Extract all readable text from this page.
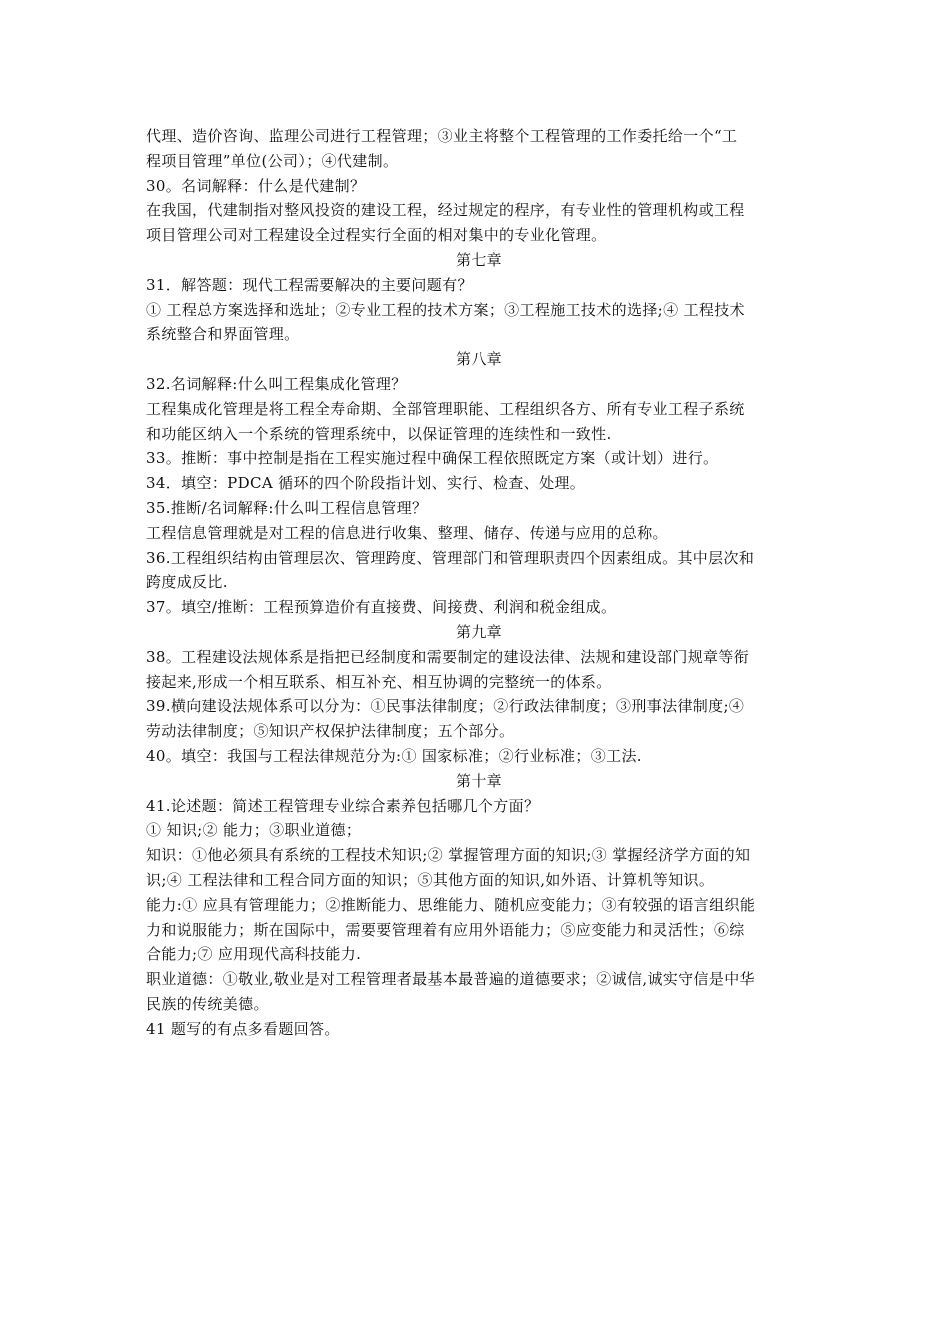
代理、造价咨询、监理公司进行工程管理；③业主将整个工程管理的工作委托给一个“工
程项目管理”单位(公司）；④代建制。
30。名词解释：什么是代建制？
在我国，代建制指对整风投资的建设工程，经过规定的程序，有专业性的管理机构或工程
项目管理公司对工程建设全过程实行全面的相对集中的专业化管理。
第七章
31．解答题：现代工程需要解决的主要问题有？
① 工程总方案选择和选址；②专业工程的技术方案；③工程施工技术的选择;④ 工程技术
系统整合和界面管理。
第八章
32.名词解释:什么叫工程集成化管理？
工程集成化管理是将工程全寿命期、全部管理职能、工程组织各方、所有专业工程子系统
和功能区纳入一个系统的管理系统中，以保证管理的连续性和一致性.
33。推断：事中控制是指在工程实施过程中确保工程依照既定方案（或计划）进行。
34．填空：PDCA 循环的四个阶段指计划、实行、检查、处理。
35.推断/名词解释:什么叫工程信息管理？
工程信息管理就是对工程的信息进行收集、整理、储存、传递与应用的总称。
36.工程组织结构由管理层次、管理跨度、管理部门和管理职责四个因素组成。其中层次和
跨度成反比.
37。填空/推断：工程预算造价有直接费、间接费、利润和税金组成。
第九章
38。工程建设法规体系是指把已经制度和需要制定的建设法律、法规和建设部门规章等衔
接起来,形成一个相互联系、相互补充、相互协调的完整统一的体系。
39.横向建设法规体系可以分为：①民事法律制度；②行政法律制度；③刑事法律制度;④
劳动法律制度；⑤知识产权保护法律制度；五个部分。
40。填空：我国与工程法律规范分为:① 国家标准；②行业标准；③工法.
第十章
41.论述题：简述工程管理专业综合素养包括哪几个方面？
① 知识;② 能力；③职业道德；
知识：①他必须具有系统的工程技术知识;② 掌握管理方面的知识;③ 掌握经济学方面的知
识;④ 工程法律和工程合同方面的知识；⑤其他方面的知识,如外语、计算机等知识。
能力:① 应具有管理能力；②推断能力、思维能力、随机应变能力；③有较强的语言组织能
力和说服能力；斯在国际中，需要要管理着有应用外语能力；⑤应变能力和灵活性；⑥综
合能力;⑦ 应用现代高科技能力.
职业道德：①敬业,敬业是对工程管理者最基本最普遍的道德要求；②诚信,诚实守信是中华
民族的传统美德。
41 题写的有点多看题回答。
